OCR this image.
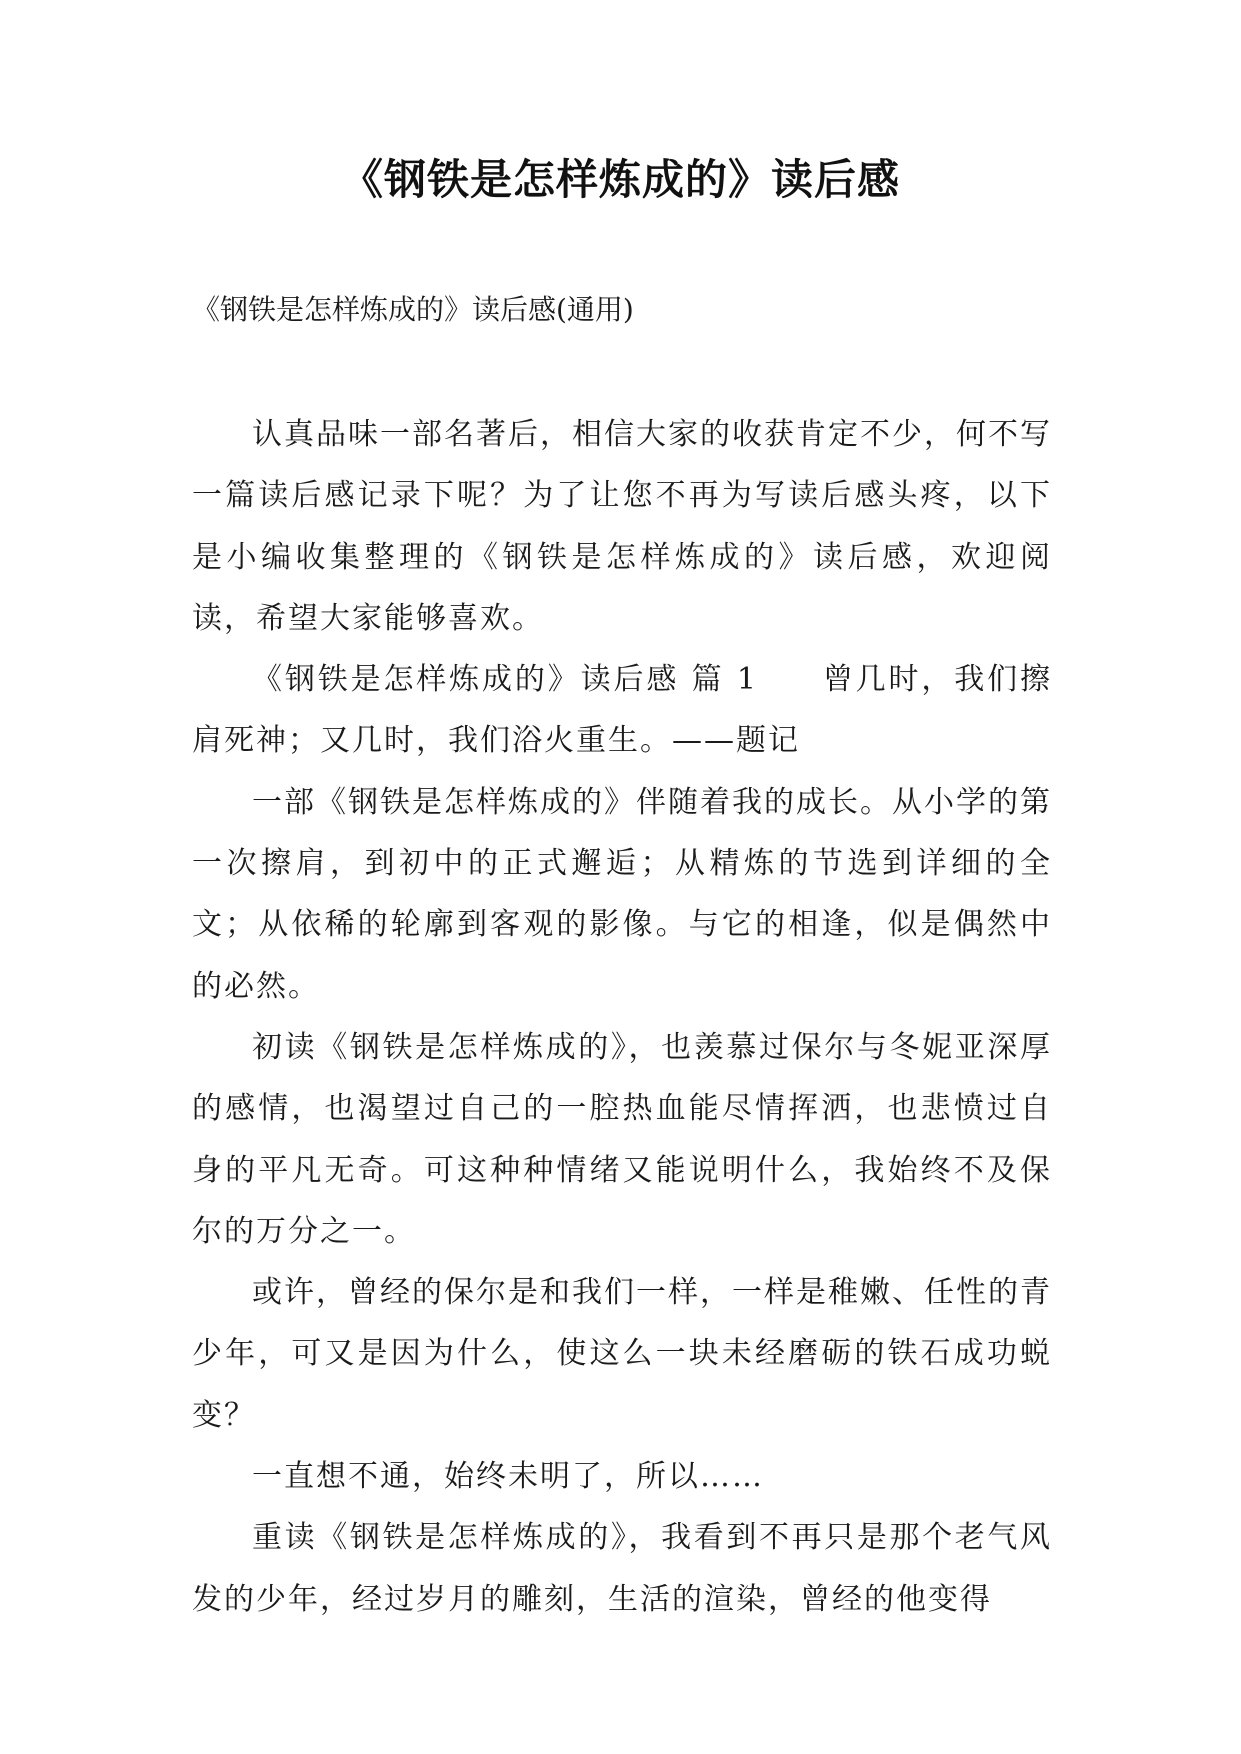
《钢铁是怎样炼成的》读后感
《钢铁是怎样炼成的》读后感(通用)

认真品味一部名著后，相信大家的收获肯定不少，何不写一篇读后感记录下呢？为了让您不再为写读后感头疼，以下是小编收集整理的《钢铁是怎样炼成的》读后感，欢迎阅读，希望大家能够喜欢。

《钢铁是怎样炼成的》读后感 篇 1 曾几时，我们擦肩死神；又几时，我们浴火重生。——题记

一部《钢铁是怎样炼成的》伴随着我的成长。从小学的第一次擦肩，到初中的正式邂逅；从精炼的节选到详细的全文；从依稀的轮廓到客观的影像。与它的相逢，似是偶然中的必然。

初读《钢铁是怎样炼成的》，也羡慕过保尔与冬妮亚深厚的感情，也渴望过自己的一腔热血能尽情挥洒，也悲愤过自身的平凡无奇。可这种种情绪又能说明什么，我始终不及保尔的万分之一。

或许，曾经的保尔是和我们一样，一样是稚嫩、任性的青少年，可又是因为什么，使这么一块未经磨砺的铁石成功蜕变？

一直想不通，始终未明了，所以……

重读《钢铁是怎样炼成的》，我看到不再只是那个老气风发的少年，经过岁月的雕刻，生活的渲染，曾经的他变得
